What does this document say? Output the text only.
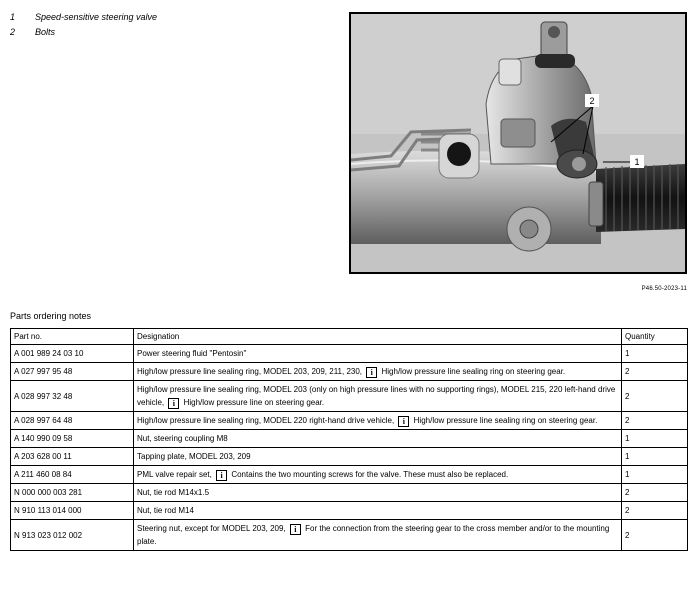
1	Speed-sensitive steering valve
2	Bolts
2
1
P46.50-2023-11
Parts ordering notes
Part no.	Designation	Quantity
A 001 989 24 03 10	Power steering fluid "Pentosin"	1
A 027 997 95 48	High/low pressure line sealing ring, MODEL 203, 209, 211, 230, i High/low pressure line sealing ring on steering gear.	2
A 028 997 32 48	High/low pressure line sealing ring, MODEL 203 (only on high pressure lines with no supporting rings), MODEL 215, 220 left-hand drive vehicle, i High/low pressure line on steering gear.	2
A 028 997 64 48	High/low pressure line sealing ring, MODEL 220 right-hand drive vehicle, i High/low pressure line sealing ring on steering gear.	2
A 140 990 09 58	Nut, steering coupling M8	1
A 203 628 00 11	Tapping plate, MODEL 203, 209	1
A 211 460 08 84	PML valve repair set, i Contains the two mounting screws for the valve. These must also be replaced.	1
N 000 000 003 281	Nut, tie rod M14x1.5	2
N 910 113 014 000	Nut, tie rod M14	2
N 913 023 012 002	Steering nut, except for MODEL 203, 209, i For the connection from the steering gear to the cross member and/or to the mounting plate.	2
